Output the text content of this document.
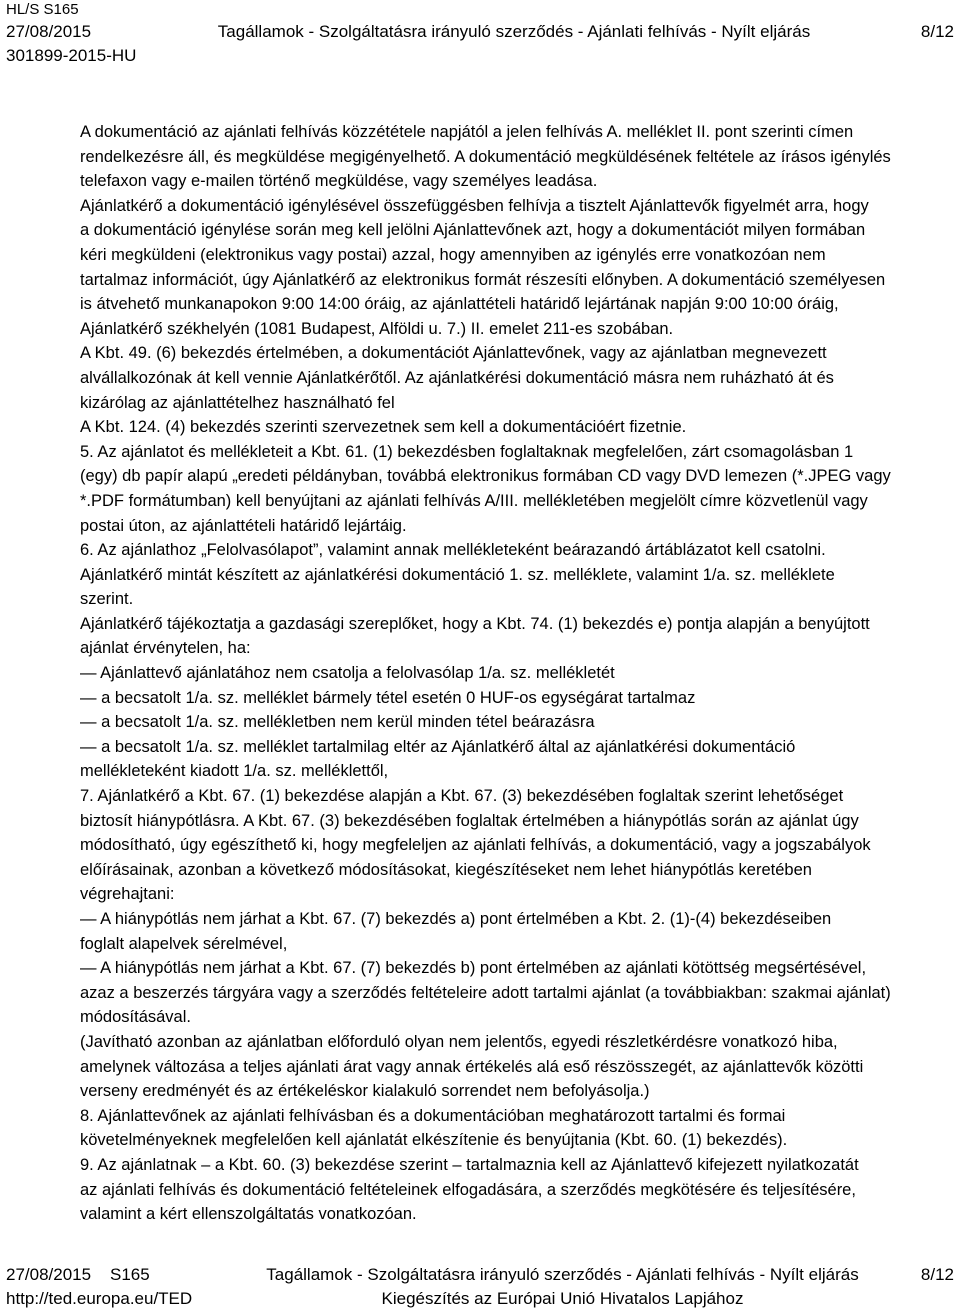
HL/S S165
27/08/2015	Tagállamok - Szolgáltatásra irányuló szerződés - Ajánlati felhívás - Nyílt eljárás	8/12
301899-2015-HU

A dokumentáció az ajánlati felhívás közzététele napjától a jelen felhívás A. melléklet II. pont szerinti címen

rendelkezésre áll, és megküldése megigényelhető. A dokumentáció megküldésének feltétele az írásos igénylés

telefaxon vagy e-mailen történő megküldése, vagy személyes leadása.

Ajánlatkérő a dokumentáció igénylésével összefüggésben felhívja a tisztelt Ajánlattevők figyelmét arra, hogy

a dokumentáció igénylése során meg kell jelölni Ajánlattevőnek azt, hogy a dokumentációt milyen formában

kéri megküldeni (elektronikus vagy postai) azzal, hogy amennyiben az igénylés erre vonatkozóan nem

tartalmaz információt, úgy Ajánlatkérő az elektronikus formát részesíti előnyben. A dokumentáció személyesen

is átvehető munkanapokon 9:00 14:00 óráig, az ajánlattételi határidő lejártának napján 9:00 10:00 óráig,

Ajánlatkérő székhelyén (1081 Budapest, Alföldi u. 7.) II. emelet 211-es szobában.

A Kbt. 49. (6) bekezdés értelmében, a dokumentációt Ajánlattevőnek, vagy az ajánlatban megnevezett

alvállalkozónak át kell vennie Ajánlatkérőtől. Az ajánlatkérési dokumentáció másra nem ruházható át és

kizárólag az ajánlattételhez használható fel

A Kbt. 124. (4) bekezdés szerinti szervezetnek sem kell a dokumentációért fizetnie.

5. Az ajánlatot és mellékleteit a Kbt. 61. (1) bekezdésben foglaltaknak megfelelően, zárt csomagolásban 1

(egy) db papír alapú „eredeti példányban, továbbá elektronikus formában CD vagy DVD lemezen (*.JPEG vagy

*.PDF formátumban) kell benyújtani az ajánlati felhívás A/III. mellékletében megjelölt címre közvetlenül vagy

postai úton, az ajánlattételi határidő lejártáig.

6. Az ajánlathoz „Felolvasólapot”, valamint annak mellékleteként beárazandó ártáblázatot kell csatolni.

Ajánlatkérő mintát készített az ajánlatkérési dokumentáció 1. sz. melléklete, valamint 1/a. sz. melléklete

szerint.

Ajánlatkérő tájékoztatja a gazdasági szereplőket, hogy a Kbt. 74. (1) bekezdés e) pontja alapján a benyújtott

ajánlat érvénytelen, ha:

— Ajánlattevő ajánlatához nem csatolja a felolvasólap 1/a. sz. mellékletét

— a becsatolt 1/a. sz. melléklet bármely tétel esetén 0 HUF-os egységárat tartalmaz

— a becsatolt 1/a. sz. mellékletben nem kerül minden tétel beárazásra

— a becsatolt 1/a. sz. melléklet tartalmilag eltér az Ajánlatkérő által az ajánlatkérési dokumentáció

mellékleteként kiadott 1/a. sz. melléklettől,

7. Ajánlatkérő a Kbt. 67. (1) bekezdése alapján a Kbt. 67. (3) bekezdésében foglaltak szerint lehetőséget

biztosít hiánypótlásra. A Kbt. 67. (3) bekezdésében foglaltak értelmében a hiánypótlás során az ajánlat úgy

módosítható, úgy egészíthető ki, hogy megfeleljen az ajánlati felhívás, a dokumentáció, vagy a jogszabályok

előírásainak, azonban a következő módosításokat, kiegészítéseket nem lehet hiánypótlás keretében

végrehajtani:

— A hiánypótlás nem járhat a Kbt. 67. (7) bekezdés a) pont értelmében a Kbt. 2. (1)-(4) bekezdéseiben

foglalt alapelvek sérelmével,

— A hiánypótlás nem járhat a Kbt. 67. (7) bekezdés b) pont értelmében az ajánlati kötöttség megsértésével,

azaz a beszerzés tárgyára vagy a szerződés feltételeire adott tartalmi ajánlat (a továbbiakban: szakmai ajánlat)

módosításával.

(Javítható azonban az ajánlatban előforduló olyan nem jelentős, egyedi részletkérdésre vonatkozó hiba,

amelynek változása a teljes ajánlati árat vagy annak értékelés alá eső részösszegét, az ajánlattevők közötti

verseny eredményét és az értékeléskor kialakuló sorrendet nem befolyásolja.)

8. Ajánlattevőnek az ajánlati felhívásban és a dokumentációban meghatározott tartalmi és formai

követelményeknek megfelelően kell ajánlatát elkészítenie és benyújtania (Kbt. 60. (1) bekezdés).

9. Az ajánlatnak – a Kbt. 60. (3) bekezdése szerint – tartalmaznia kell az Ajánlattevő kifejezett nyilatkozatát

az ajánlati felhívás és dokumentáció feltételeinek elfogadására, a szerződés megkötésére és teljesítésére,

valamint a kért ellenszolgáltatás vonatkozóan.

27/08/2015 S165	Tagállamok - Szolgáltatásra irányuló szerződés - Ajánlati felhívás - Nyílt eljárás	8/12
http://ted.europa.eu/TED	Kiegészítés az Európai Unió Hivatalos Lapjához
